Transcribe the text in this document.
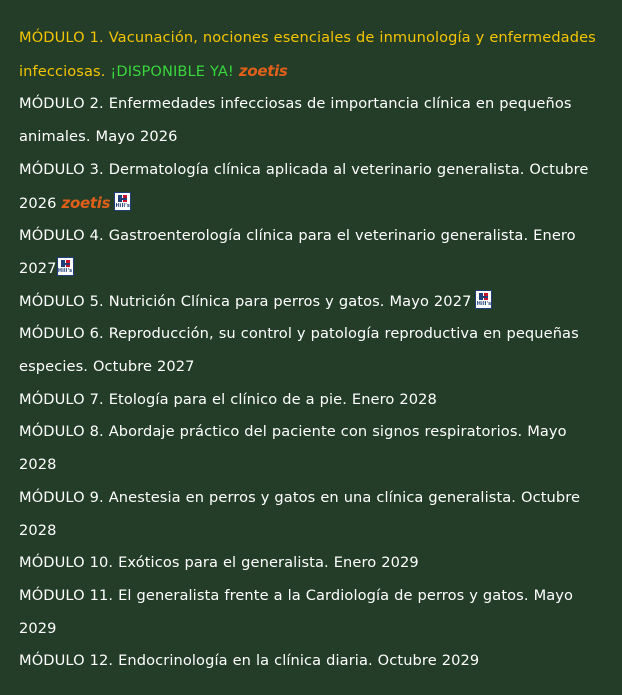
MÓDULO 1. Vacunación, nociones esenciales de inmunología y enfermedades infecciosas. ¡DISPONIBLE YA! zoetis

MÓDULO 2. Enfermedades infecciosas de importancia clínica en pequeños animales. Mayo 2026

MÓDULO 3. Dermatología clínica aplicada al veterinario generalista. Octubre 2026 zoetis Hill's

MÓDULO 4. Gastroenterología clínica para el veterinario generalista. Enero 2027 Hill's

MÓDULO 5. Nutrición Clínica para perros y gatos. Mayo 2027 Hill's

MÓDULO 6. Reproducción, su control y patología reproductiva en pequeñas especies. Octubre 2027

MÓDULO 7. Etología para el clínico de a pie. Enero 2028

MÓDULO 8. Abordaje práctico del paciente con signos respiratorios. Mayo 2028

MÓDULO 9. Anestesia en perros y gatos en una clínica generalista. Octubre 2028

MÓDULO 10. Exóticos para el generalista. Enero 2029

MÓDULO 11. El generalista frente a la Cardiología de perros y gatos. Mayo 2029

MÓDULO 12. Endocrinología en la clínica diaria. Octubre 2029
